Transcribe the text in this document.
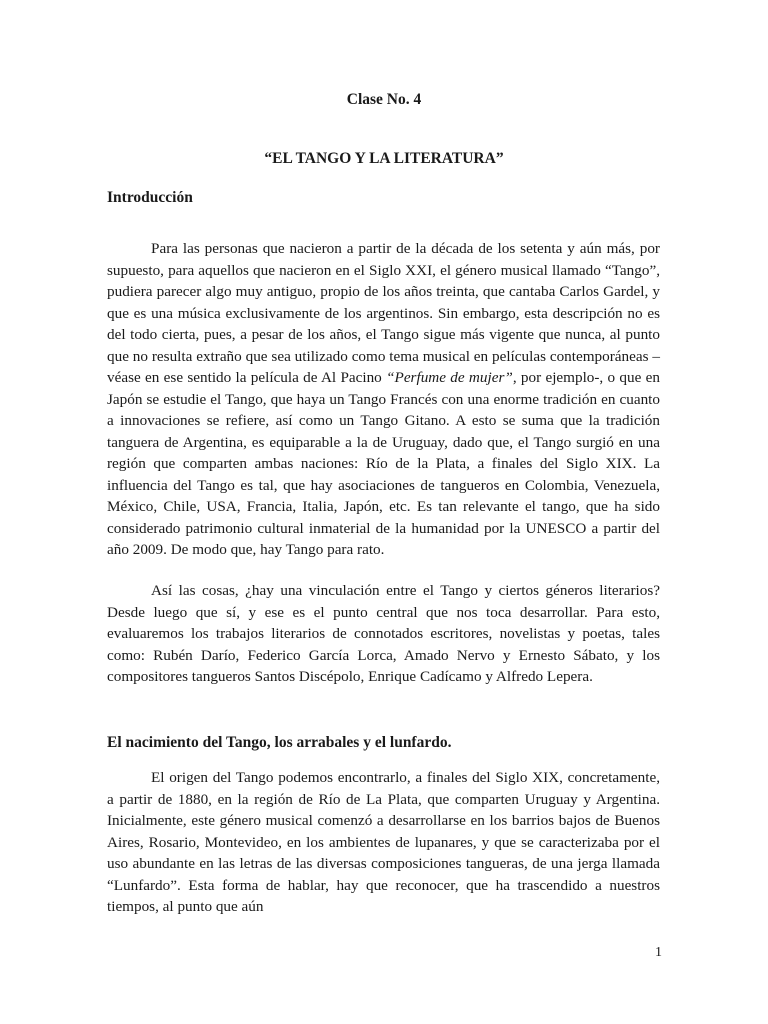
Clase No. 4
“EL TANGO Y LA LITERATURA”
Introducción

Para las personas que nacieron a partir de la década de los setenta y aún más, por supuesto, para aquellos que nacieron en el Siglo XXI, el género musical llamado “Tango”, pudiera parecer algo muy antiguo, propio de los años treinta, que cantaba Carlos Gardel, y que es una música exclusivamente de los argentinos. Sin embargo, esta descripción no es del todo cierta, pues, a pesar de los años, el Tango sigue más vigente que nunca, al punto que no resulta extraño que sea utilizado como tema musical en películas contemporáneas –véase en ese sentido la película de Al Pacino “Perfume de mujer”, por ejemplo-, o que en Japón se estudie el Tango, que haya un Tango Francés con una enorme tradición en cuanto a innovaciones se refiere, así como un Tango Gitano. A esto se suma que la tradición tanguera de Argentina, es equiparable a la de Uruguay, dado que, el Tango surgió en una región que comparten ambas naciones: Río de la Plata, a finales del Siglo XIX. La influencia del Tango es tal, que hay asociaciones de tangueros en Colombia, Venezuela, México, Chile, USA, Francia, Italia, Japón, etc. Es tan relevante el tango, que ha sido considerado patrimonio cultural inmaterial de la humanidad por la UNESCO a partir del año 2009. De modo que, hay Tango para rato.

Así las cosas, ¿hay una vinculación entre el Tango y ciertos géneros literarios? Desde luego que sí, y ese es el punto central que nos toca desarrollar. Para esto, evaluaremos los trabajos literarios de connotados escritores, novelistas y poetas, tales como: Rubén Darío, Federico García Lorca, Amado Nervo y Ernesto Sábato, y los compositores tangueros Santos Discépolo, Enrique Cadícamo y Alfredo Lepera.

El nacimiento del Tango, los arrabales y el lunfardo.

El origen del Tango podemos encontrarlo, a finales del Siglo XIX, concretamente, a partir de 1880, en la región de Río de La Plata, que comparten Uruguay y Argentina. Inicialmente, este género musical comenzó a desarrollarse en los barrios bajos de Buenos Aires, Rosario, Montevideo, en los ambientes de lupanares, y que se caracterizaba por el uso abundante en las letras de las diversas composiciones tangueras, de una jerga llamada “Lunfardo”. Esta forma de hablar, hay que reconocer, que ha trascendido a nuestros tiempos, al punto que aún

1
